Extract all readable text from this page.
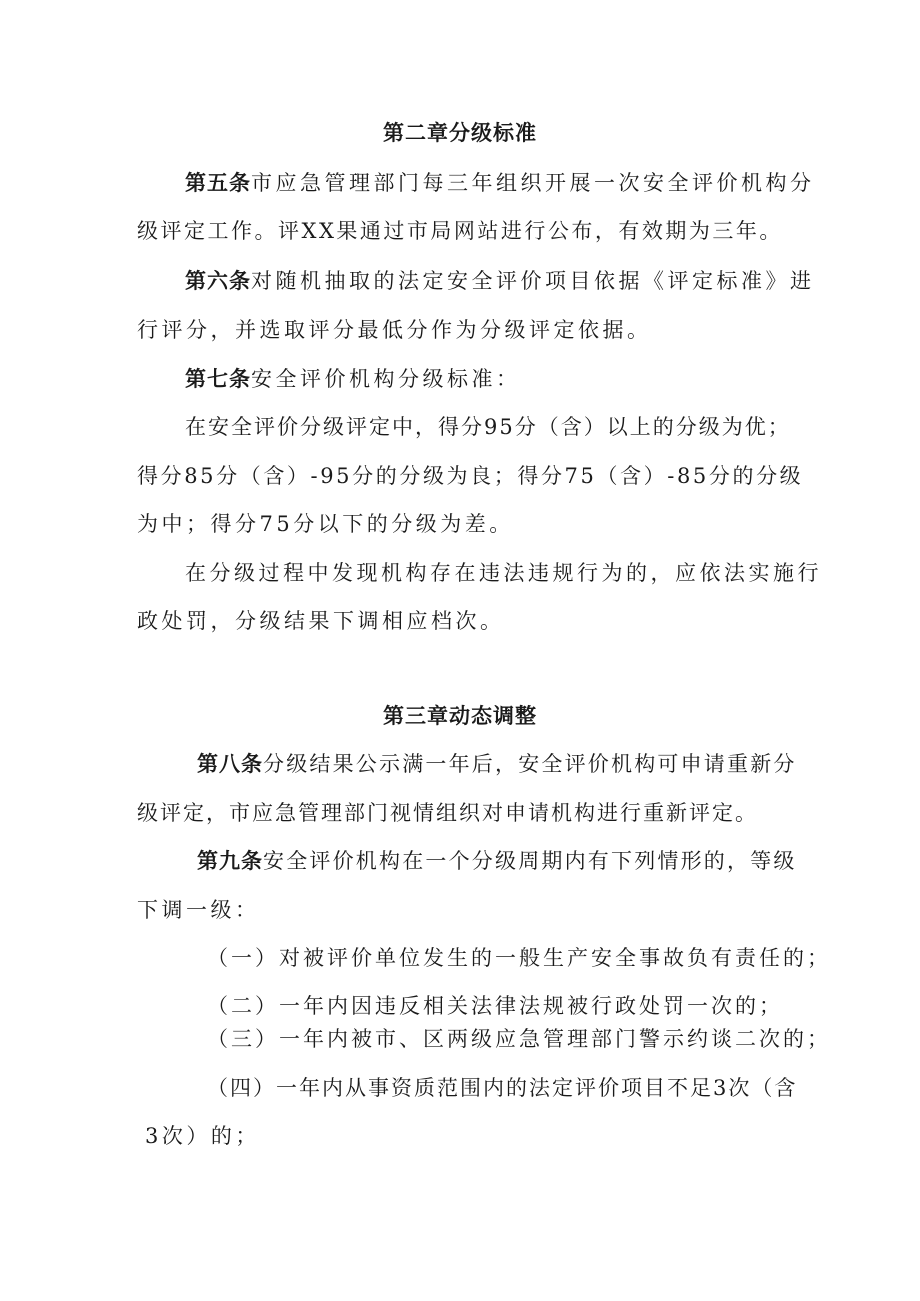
第二章分级标准
第五条市应急管理部门每三年组织开展一次安全评价机构分
级评定工作。评XX果通过市局网站进行公布，有效期为三年。
第六条对随机抽取的法定安全评价项目依据《评定标准》进
行评分，并选取评分最低分作为分级评定依据。
第七条安全评价机构分级标准：
在安全评价分级评定中，得分95分（含）以上的分级为优；
得分85分（含）-95分的分级为良；得分75（含）-85分的分级
为中；得分75分以下的分级为差。
在分级过程中发现机构存在违法违规行为的，应依法实施行
政处罚，分级结果下调相应档次。
第三章动态调整
第八条分级结果公示满一年后，安全评价机构可申请重新分
级评定，市应急管理部门视情组织对申请机构进行重新评定。
第九条安全评价机构在一个分级周期内有下列情形的，等级
下调一级：
（一）对被评价单位发生的一般生产安全事故负有责任的；
（二）一年内因违反相关法律法规被行政处罚一次的；
（三）一年内被市、区两级应急管理部门警示约谈二次的；
（四）一年内从事资质范围内的法定评价项目不足3次（含
3次）的；
